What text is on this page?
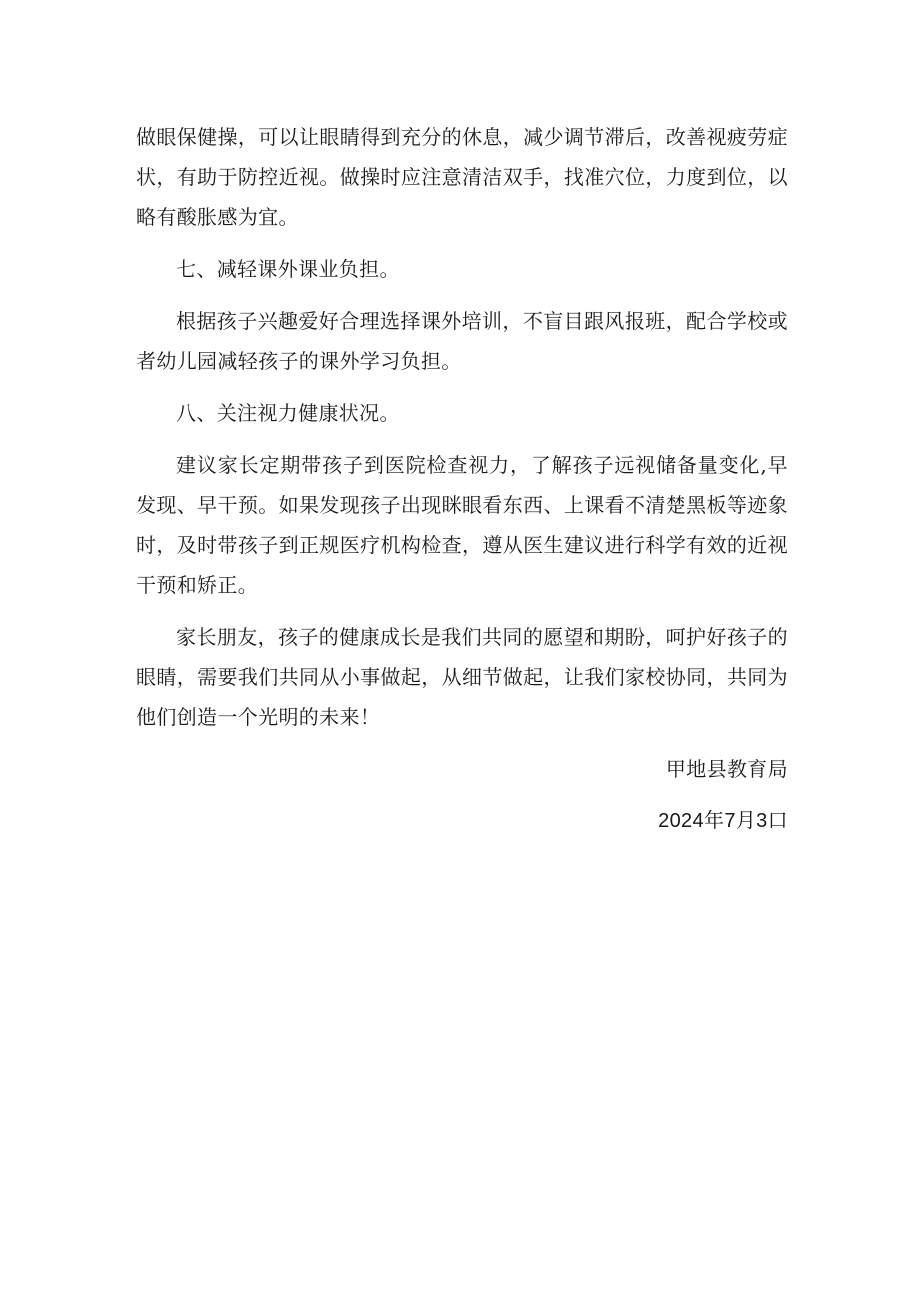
做眼保健操，可以让眼睛得到充分的休息，减少调节滞后，改善视疲劳症状，有助于防控近视。做操时应注意清洁双手，找准穴位，力度到位，以略有酸胀感为宜。

七、减轻课外课业负担。

根据孩子兴趣爱好合理选择课外培训，不盲目跟风报班，配合学校或者幼儿园减轻孩子的课外学习负担。

八、关注视力健康状况。

建议家长定期带孩子到医院检查视力，了解孩子远视储备量变化,早发现、早干预。如果发现孩子出现眯眼看东西、上课看不清楚黑板等迹象时，及时带孩子到正规医疗机构检查，遵从医生建议进行科学有效的近视干预和矫正。

家长朋友，孩子的健康成长是我们共同的愿望和期盼，呵护好孩子的眼睛，需要我们共同从小事做起，从细节做起，让我们家校协同，共同为他们创造一个光明的未来！

甲地县教育局

2024年7月3口
